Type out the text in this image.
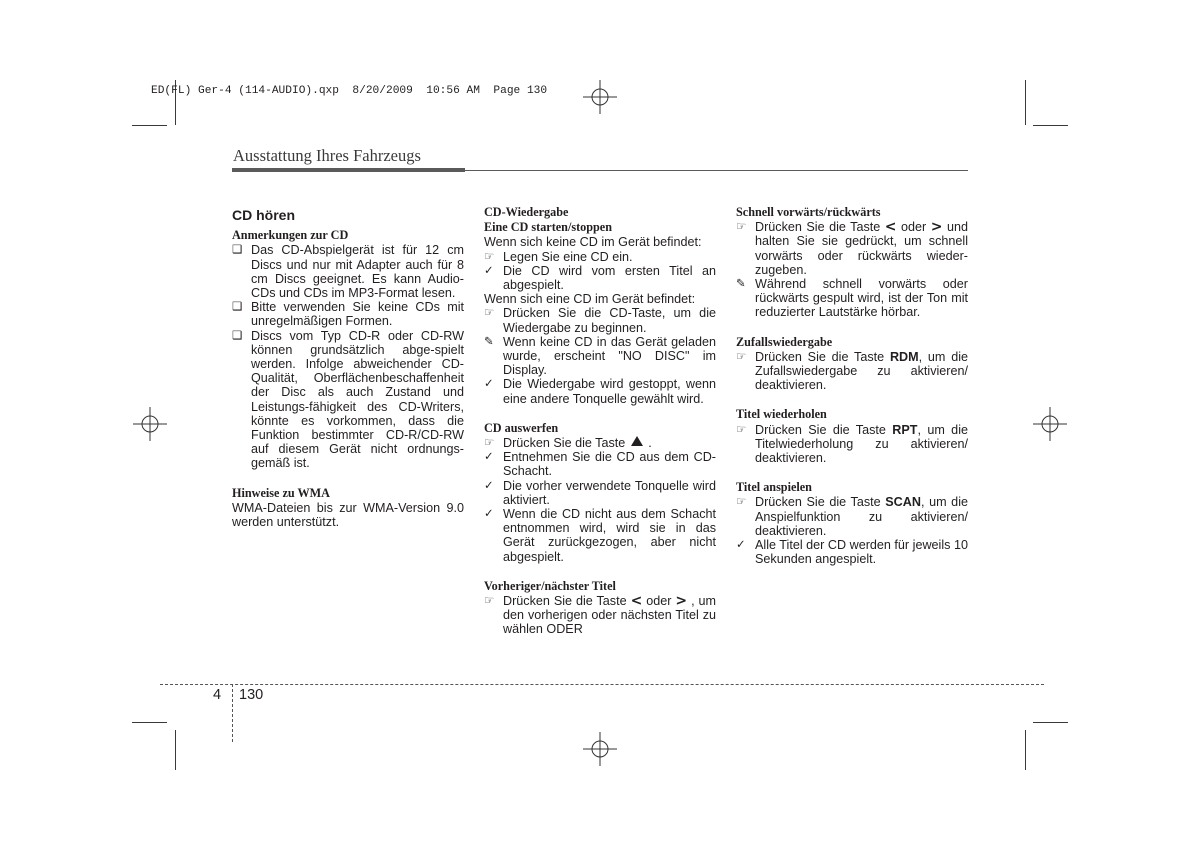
ED(FL) Ger-4 (114-AUDIO).qxp  8/20/2009  10:56 AM  Page 130
Ausstattung Ihres Fahrzeugs
CD hören
Anmerkungen zur CD
❑ Das CD-Abspielgerät ist für 12 cm Discs und nur mit Adapter auch für 8 cm Discs geeignet. Es kann Audio-CDs und CDs im MP3-Format lesen.
❑ Bitte verwenden Sie keine CDs mit unregelmäßigen Formen.
❑ Discs vom Typ CD-R oder CD-RW können grundsätzlich abge-spielt werden. Infolge abweichender CD-Qualität, Oberflächenbeschaffenheit der Disc als auch Zustand und Leistungs-fähigkeit des CD-Writers, könnte es vorkommen, dass die Funktion bestimmter CD-R/CD-RW auf diesem Gerät nicht ordnungs-gemäß ist.
Hinweise zu WMA

WMA-Dateien bis zur WMA-Version 9.0 werden unterstützt.

CD-Wiedergabe
Eine CD starten/stoppen

Wenn sich keine CD im Gerät befindet:

☞ Legen Sie eine CD ein.
✓ Die CD wird vom ersten Titel an abgespielt.

Wenn sich eine CD im Gerät befindet:

☞ Drücken Sie die CD-Taste, um die Wiedergabe zu beginnen.
✎ Wenn keine CD in das Gerät geladen wurde, erscheint "NO DISC" im Display.
✓ Die Wiedergabe wird gestoppt, wenn eine andere Tonquelle gewählt wird.
CD auswerfen
☞ Drücken Sie die Taste .
✓ Entnehmen Sie die CD aus dem CD-Schacht.
✓ Die vorher verwendete Tonquelle wird aktiviert.
✓ Wenn die CD nicht aus dem Schacht entnommen wird, wird sie in das Gerät zurückgezogen, aber nicht abgespielt.
Vorheriger/nächster Titel
☞ Drücken Sie die Taste < oder > , um den vorherigen oder nächsten Titel zu wählen ODER
Schnell vorwärts/rückwärts
☞ Drücken Sie die Taste < oder > und halten Sie sie gedrückt, um schnell vorwärts oder rückwärts wieder-zugeben.
✎ Während schnell vorwärts oder rückwärts gespult wird, ist der Ton mit reduzierter Lautstärke hörbar.
Zufallswiedergabe
☞ Drücken Sie die Taste RDM, um die Zufallswiedergabe zu aktivieren/ deaktivieren.
Titel wiederholen
☞ Drücken Sie die Taste RPT, um die Titelwiederholung zu aktivieren/ deaktivieren.
Titel anspielen
☞ Drücken Sie die Taste SCAN, um die Anspielfunktion zu aktivieren/ deaktivieren.
✓ Alle Titel der CD werden für jeweils 10 Sekunden angespielt.
4 130
